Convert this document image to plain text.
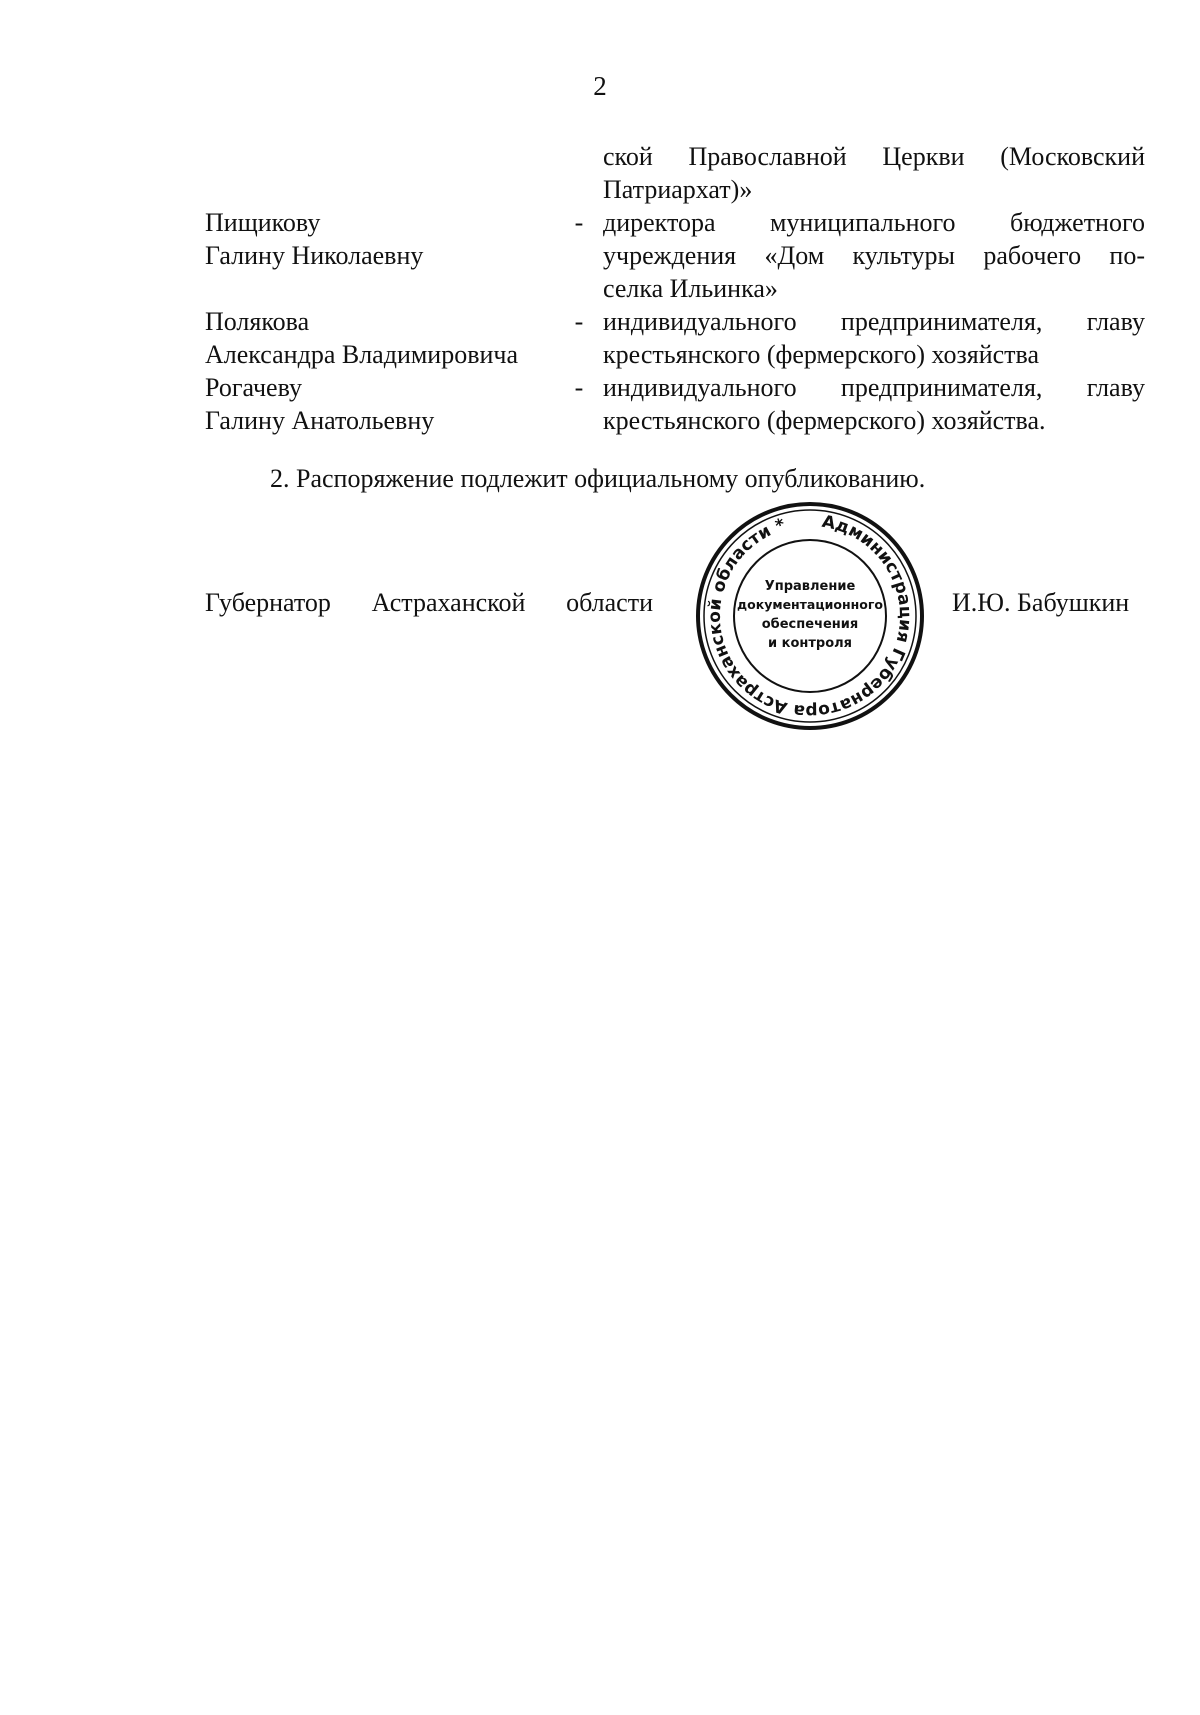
2
ской Православной Церкви (Московский
Патриархат)»
Пищикову
Галину Николаевну
- директора муниципального бюджетного
учреждения «Дом культуры рабочего по-
селка Ильинка»
Полякова
Александра Владимировича
- индивидуального предпринимателя, главу
крестьянского (фермерского) хозяйства
Рогачеву
Галину Анатольевну
- индивидуального предпринимателя, главу
крестьянского (фермерского) хозяйства.
2. Распоряжение подлежит официальному опубликованию.
Губернатор Астраханской области
Администрация Губернатора Астраханской области *
Управление
документационного
обеспечения
и контроля
И.Ю. Бабушкин
